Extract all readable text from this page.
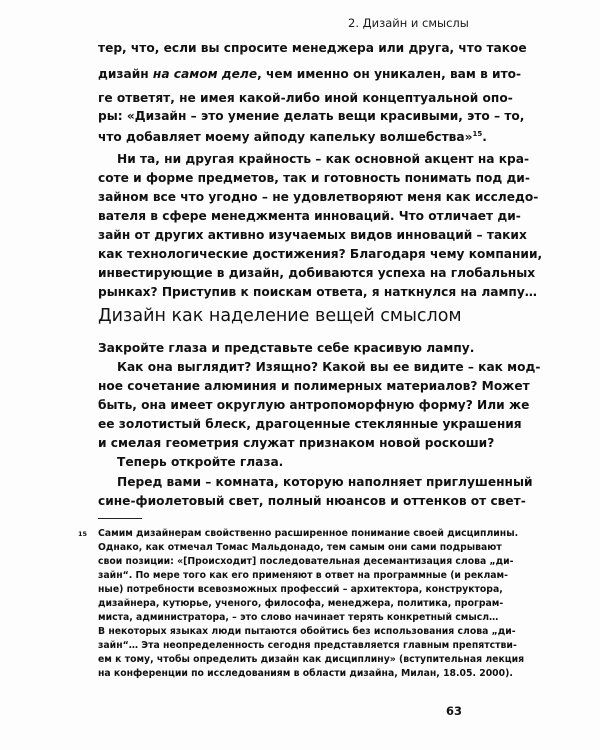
2. Дизайн и смыслы
тер, что, если вы спросите менеджера или друга, что такое
дизайн на самом деле, чем именно он уникален, вам в ито-
ге ответят, не имея какой-либо иной концептуальной опо-
ры: «Дизайн – это умение делать вещи красивыми, это – то,
что добавляет моему айподу капельку волшебства»$^{15}$.
Ни та, ни другая крайность – как основной акцент на кра-
соте и форме предметов, так и готовность понимать под ди-
зайном все что угодно – не удовлетворяют меня как исследо-
вателя в сфере менеджмента инноваций. Что отличает ди-
зайн от других активно изучаемых видов инноваций – таких
как технологические достижения? Благодаря чему компании,
инвестирующие в дизайн, добиваются успеха на глобальных
рынках? Приступив к поискам ответа, я наткнулся на лампу…
Дизайн как наделение вещей смыслом
Закройте глаза и представьте себе красивую лампу.
Как она выглядит? Изящно? Какой вы ее видите – как мод-
ное сочетание алюминия и полимерных материалов? Может
быть, она имеет округлую антропоморфную форму? Или же
ее золотистый блеск, драгоценные стеклянные украшения
и смелая геометрия служат признаком новой роскоши?
Теперь откройте глаза.
Перед вами – комната, которую наполняет приглушенный
сине-фиолетовый свет, полный нюансов и оттенков от свет-
15 Самим дизайнерам свойственно расширенное понимание своей дисциплины.
Однако, как отмечал Томас Мальдонадо, тем самым они сами подрывают
свои позиции: «[Происходит] последовательная десемантизация слова „ди-
зайн“. По мере того как его применяют в ответ на программные (и реклам-
ные) потребности всевозможных профессий – архитектора, конструктора,
дизайнера, кутюрье, ученого, философа, менеджера, политика, програм-
миста, администратора, – это слово начинает терять конкретный смысл…
В некоторых языках люди пытаются обойтись без использования слова „ди-
зайн“… Эта неопределенность сегодня представляется главным препятстви-
ем к тому, чтобы определить дизайн как дисциплину» (вступительная лекция
на конференции по исследованиям в области дизайна, Милан, 18.05. 2000).
63
